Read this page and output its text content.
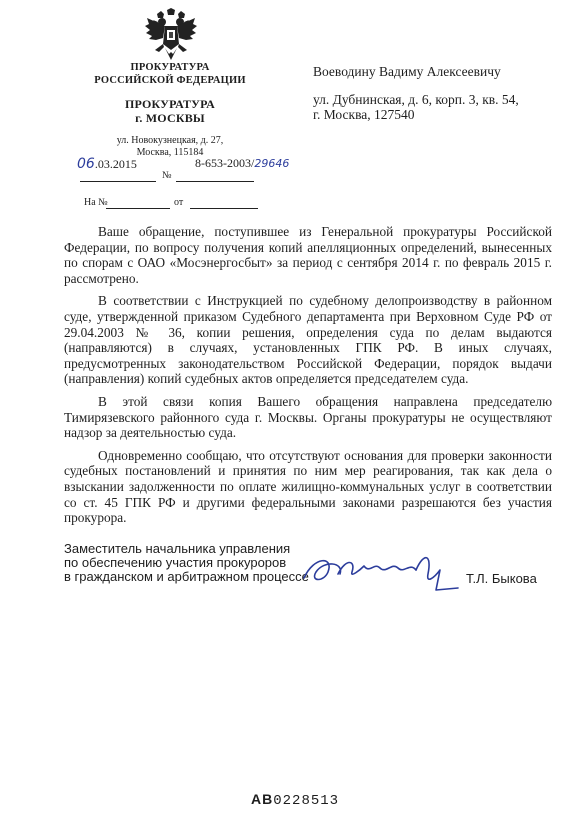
ПРОКУРАТУРА
РОССИЙСКОЙ ФЕДЕРАЦИИ
ПРОКУРАТУРА
г. МОСКВЫ
ул. Новокузнецкая, д. 27,
Москва, 115184
06.03.2015	8-653-2003/29646
№
На №	от
Воеводину Вадиму Алексеевичу
ул. Дубнинская, д. 6, корп. 3, кв. 54,
г. Москва, 127540

Ваше обращение, поступившее из Генеральной прокуратуры Российской Федерации, по вопросу получения копий апелляционных определений, вынесенных по спорам с ОАО «Мосэнергосбыт» за период с сентября 2014 г. по февраль 2015 г. рассмотрено.

В соответствии с Инструкцией по судебному делопроизводству в районном суде, утвержденной приказом Судебного департамента при Верховном Суде РФ от 29.04.2003 № 36, копии решения, определения суда по делам выдаются (направляются) в случаях, установленных ГПК РФ. В иных случаях, предусмотренных законодательством Российской Федерации, порядок выдачи (направления) копий судебных актов определяется председателем суда.

В этой связи копия Вашего обращения направлена председателю Тимирязевского районного суда г. Москвы. Органы прокуратуры не осуществляют надзор за деятельностью суда.

Одновременно сообщаю, что отсутствуют основания для проверки законности судебных постановлений и принятия по ним мер реагирования, так как дела о взыскании задолженности по оплате жилищно-коммунальных услуг в соответствии со ст. 45 ГПК РФ и другими федеральными законами разрешаются без участия прокурора.

Заместитель начальника управления
по обеспечению участия прокуроров
в гражданском и арбитражном процессе	Т.Л. Быкова
АВ0228513
